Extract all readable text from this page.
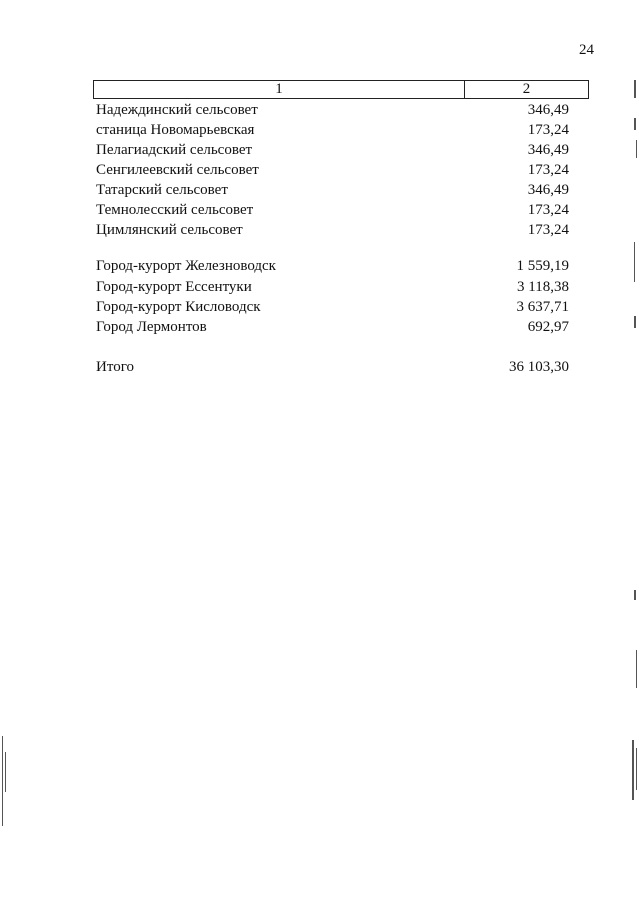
24
1	2
Надеждинский сельсовет	346,49
станица Новомарьевская	173,24
Пелагиадский сельсовет	346,49
Сенгилеевский сельсовет	173,24
Татарский сельсовет	346,49
Темнолесский сельсовет	173,24
Цимлянский сельсовет	173,24
Город-курорт Железноводск	1 559,19
Город-курорт Ессентуки	3 118,38
Город-курорт Кисловодск	3 637,71
Город Лермонтов	692,97
Итого	36 103,30
